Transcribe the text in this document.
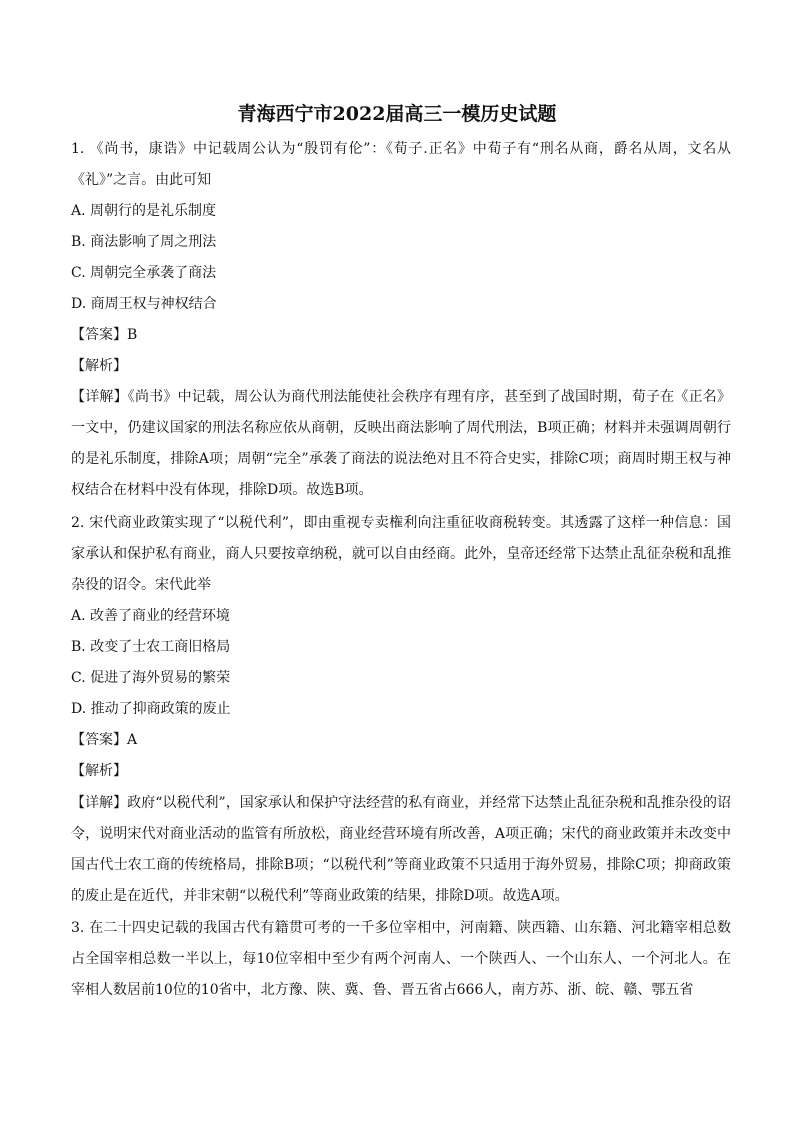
青海西宁市2022届高三一模历史试题
1. 《尚书，康诰》中记载周公认为“殷罚有伦”：《荀子.正名》中荀子有“刑名从商，爵名从周，文名从《礼》”之言。由此可知
A. 周朝行的是礼乐制度
B. 商法影响了周之刑法
C. 周朝完全承袭了商法
D. 商周王权与神权结合
【答案】B
【解析】
【详解】《尚书》中记载，周公认为商代刑法能使社会秩序有理有序，甚至到了战国时期，荀子在《正名》一文中，仍建议国家的刑法名称应依从商朝，反映出商法影响了周代刑法，B项正确；材料并未强调周朝行的是礼乐制度，排除A项；周朝“完全”承袭了商法的说法绝对且不符合史实，排除C项；商周时期王权与神权结合在材料中没有体现，排除D项。故选B项。
2. 宋代商业政策实现了“以税代利”，即由重视专卖権利向注重征收商税转变。其透露了这样一种信息：国家承认和保护私有商业，商人只要按章纳税，就可以自由经商。此外，皇帝还经常下达禁止乱征杂税和乱推杂役的诏令。宋代此举
A. 改善了商业的经营环境
B. 改变了士农工商旧格局
C. 促进了海外贸易的繁荣
D. 推动了抑商政策的废止
【答案】A
【解析】
【详解】政府“以税代利”，国家承认和保护守法经营的私有商业，并经常下达禁止乱征杂税和乱推杂役的诏令，说明宋代对商业活动的监管有所放松，商业经营环境有所改善，A项正确；宋代的商业政策并未改变中国古代士农工商的传统格局，排除B项；“以税代利”等商业政策不只适用于海外贸易，排除C项；抑商政策的废止是在近代，并非宋朝“以税代利”等商业政策的结果，排除D项。故选A项。
3. 在二十四史记载的我国古代有籍贯可考的一千多位宰相中，河南籍、陕西籍、山东籍、河北籍宰相总数占全国宰相总数一半以上，每10位宰相中至少有两个河南人、一个陕西人、一个山东人、一个河北人。在宰相人数居前10位的10省中，北方豫、陕、冀、鲁、晋五省占666人，南方苏、浙、皖、赣、鄂五省
